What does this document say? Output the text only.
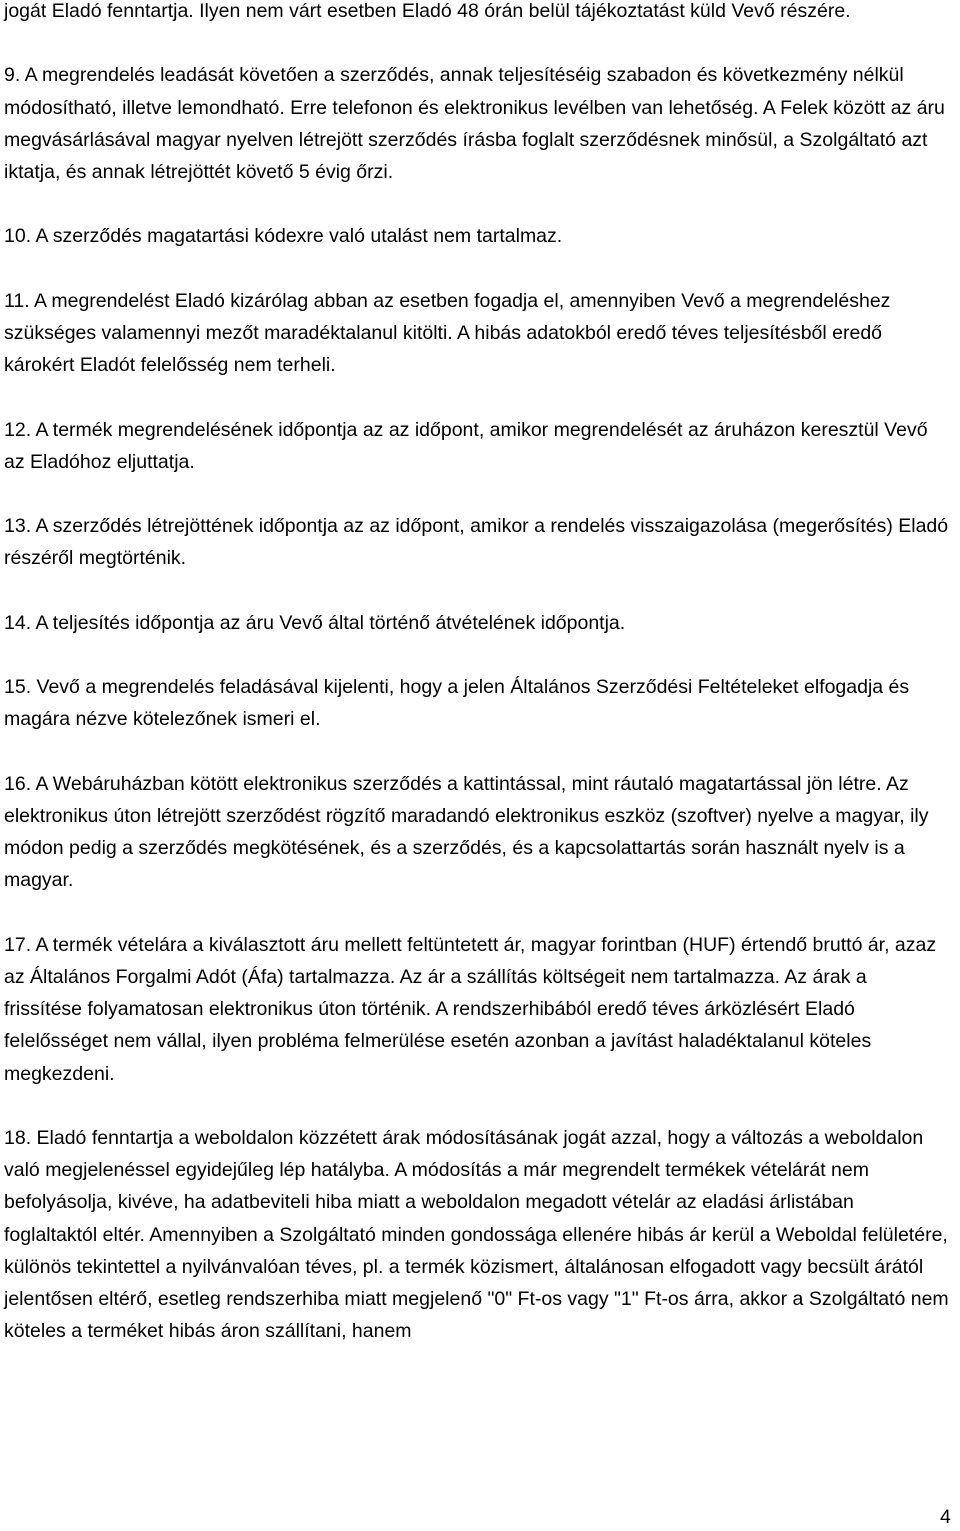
jogát Eladó fenntartja. Ilyen nem várt esetben Eladó 48 órán belül tájékoztatást küld Vevő részére.

9. A megrendelés leadását követően a szerződés, annak teljesítéséig szabadon és következmény nélkül módosítható, illetve lemondható. Erre telefonon és elektronikus levélben van lehetőség. A Felek között az áru megvásárlásával magyar nyelven létrejött szerződés írásba foglalt szerződésnek minősül, a Szolgáltató azt iktatja, és annak létrejöttét követő 5 évig őrzi.

10. A szerződés magatartási kódexre való utalást nem tartalmaz.

11. A megrendelést Eladó kizárólag abban az esetben fogadja el, amennyiben Vevő a megrendeléshez szükséges valamennyi mezőt maradéktalanul kitölti. A hibás adatokból eredő téves teljesítésből eredő károkért Eladót felelősség nem terheli.

12. A termék megrendelésének időpontja az az időpont, amikor megrendelését az áruházon keresztül Vevő az Eladóhoz eljuttatja.

13. A szerződés létrejöttének időpontja az az időpont, amikor a rendelés visszaigazolása (megerősítés) Eladó részéről megtörténik.

14. A teljesítés időpontja az áru Vevő által történő átvételének időpontja.

15. Vevő a megrendelés feladásával kijelenti, hogy a jelen Általános Szerződési Feltételeket elfogadja és magára nézve kötelezőnek ismeri el.

16. A Webáruházban kötött elektronikus szerződés a kattintással, mint ráutaló magatartással jön létre. Az elektronikus úton létrejött szerződést rögzítő maradandó elektronikus eszköz (szoftver) nyelve a magyar, ily módon pedig a szerződés megkötésének, és a szerződés, és a kapcsolattartás során használt nyelv is a magyar.

17. A termék vételára a kiválasztott áru mellett feltüntetett ár, magyar forintban (HUF) értendő bruttó ár, azaz az Általános Forgalmi Adót (Áfa) tartalmazza. Az ár a szállítás költségeit nem tartalmazza. Az árak a frissítése folyamatosan elektronikus úton történik. A rendszerhibából eredő téves árközlésért Eladó felelősséget nem vállal, ilyen probléma felmerülése esetén azonban a javítást haladéktalanul köteles megkezdeni.

18. Eladó fenntartja a weboldalon közzétett árak módosításának jogát azzal, hogy a változás a weboldalon való megjelenéssel egyidejűleg lép hatályba. A módosítás a már megrendelt termékek vételárát nem befolyásolja, kivéve, ha adatbeviteli hiba miatt a weboldalon megadott vételár az eladási árlistában foglaltaktól eltér. Amennyiben a Szolgáltató minden gondossága ellenére hibás ár kerül a Weboldal felületére, különös tekintettel a nyilvánvalóan téves, pl. a termék közismert, általánosan elfogadott vagy becsült árától jelentősen eltérő, esetleg rendszerhiba miatt megjelenő "0" Ft-os vagy "1" Ft-os árra, akkor a Szolgáltató nem köteles a terméket hibás áron szállítani, hanem

4
